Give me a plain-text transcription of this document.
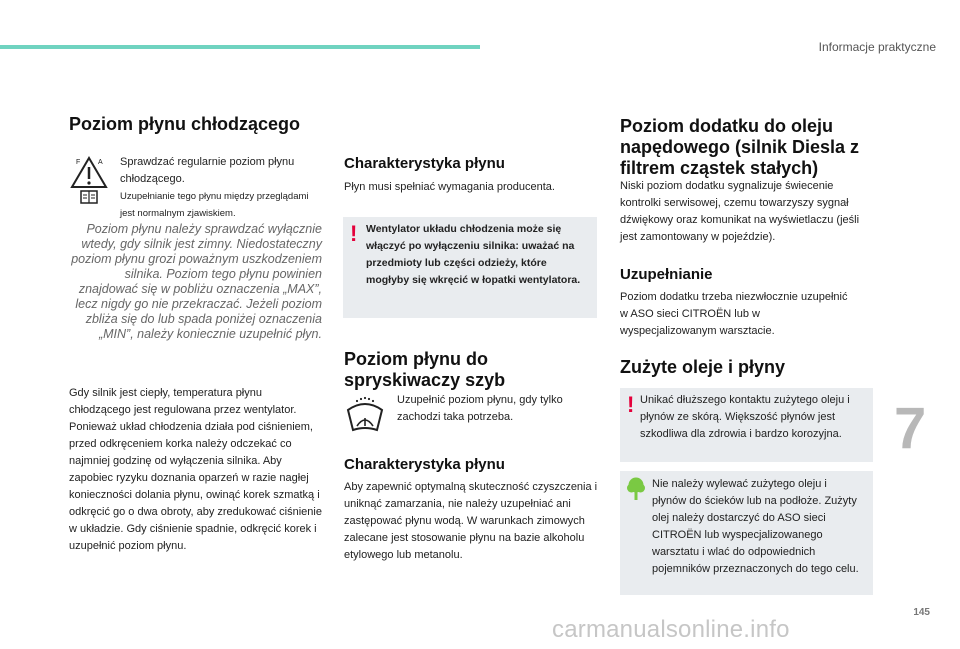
Informacje praktyczne
Poziom płynu chłodzącego
F	A Sprawdzać regularnie poziom płynu chłodzącego.

Uzupełnianie tego płynu między przeglądami jest normalnym zjawiskiem.

Poziom płynu należy sprawdzać wyłącznie wtedy, gdy silnik jest zimny. Niedostateczny poziom płynu grozi poważnym uszkodzeniem silnika. Poziom tego płynu powinien znajdować się w pobliżu oznaczenia „MAX”, lecz nigdy go nie przekraczać. Jeżeli poziom zbliża się do lub spada poniżej oznaczenia „MIN”, należy koniecznie uzupełnić płyn.

Gdy silnik jest ciepły, temperatura płynu chłodzącego jest regulowana przez wentylator. Ponieważ układ chłodzenia działa pod ciśnieniem, przed odkręceniem korka należy odczekać co najmniej godzinę od wyłączenia silnika. Aby zapobiec ryzyku doznania oparzeń w razie nagłej konieczności dolania płynu, owinąć korek szmatką i odkręcić go o dwa obroty, aby zredukować ciśnienie w układzie. Gdy ciśnienie spadnie, odkręcić korek i uzupełnić poziom płynu.

Charakterystyka płynu

Płyn musi spełniać wymagania producenta.

! Wentylator układu chłodzenia może się włączyć po wyłączeniu silnika: uważać na przedmioty lub części odzieży, które mogłyby się wkręcić w łopatki wentylatora.

Poziom płynu do spryskiwaczy szyb

Uzupełnić poziom płynu, gdy tylko zachodzi taka potrzeba.

Charakterystyka płynu

Aby zapewnić optymalną skuteczność czyszczenia i uniknąć zamarzania, nie należy uzupełniać ani zastępować płynu wodą. W warunkach zimowych zalecane jest stosowanie płynu na bazie alkoholu etylowego lub metanolu.

Poziom dodatku do oleju napędowego (silnik Diesla z filtrem cząstek stałych)

Niski poziom dodatku sygnalizuje świecenie kontrolki serwisowej, czemu towarzyszy sygnał dźwiękowy oraz komunikat na wyświetlaczu (jeśli jest zamontowany w pojeździe).

Uzupełnianie

Poziom dodatku trzeba niezwłocznie uzupełnić w ASO sieci CITROËN lub w wyspecjalizowanym warsztacie.

Zużyte oleje i płyny
! Unikać dłuższego kontaktu zużytego oleju i płynów ze skórą. Większość płynów jest szkodliwa dla zdrowia i bardzo korozyjna.

Nie należy wylewać zużytego oleju i płynów do ścieków lub na podłoże. Zużyty olej należy dostarczyć do ASO sieci CITROËN lub wyspecjalizowanego warsztatu i wlać do odpowiednich pojemników przeznaczonych do tego celu.

7
145
carmanualsonline.info
